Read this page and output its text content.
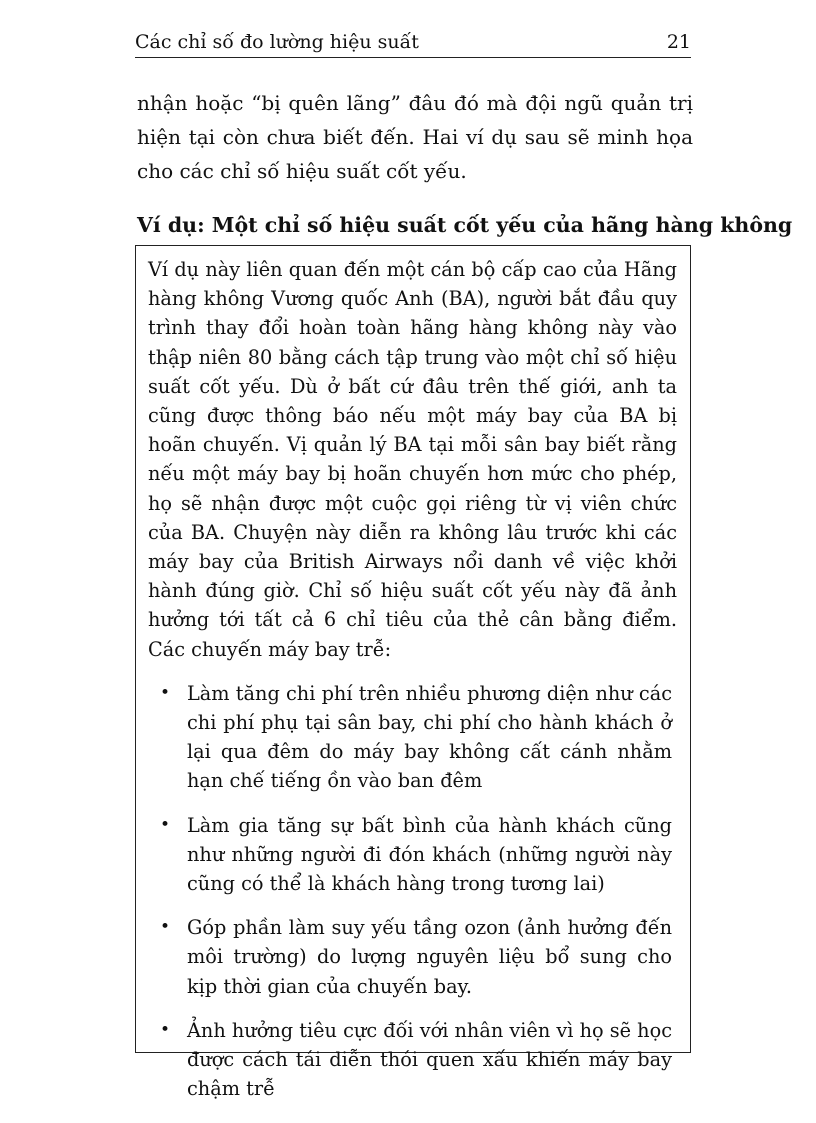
Các chỉ số đo lường hiệu suất	21

nhận hoặc “bị quên lãng” đâu đó mà đội ngũ quản trị hiện tại còn chưa biết đến. Hai ví dụ sau sẽ minh họa cho các chỉ số hiệu suất cốt yếu.

Ví dụ: Một chỉ số hiệu suất cốt yếu của hãng hàng không

Ví dụ này liên quan đến một cán bộ cấp cao của Hãng hàng không Vương quốc Anh (BA), người bắt đầu quy trình thay đổi hoàn toàn hãng hàng không này vào thập niên 80 bằng cách tập trung vào một chỉ số hiệu suất cốt yếu. Dù ở bất cứ đâu trên thế giới, anh ta cũng được thông báo nếu một máy bay của BA bị hoãn chuyến. Vị quản lý BA tại mỗi sân bay biết rằng nếu một máy bay bị hoãn chuyến hơn mức cho phép, họ sẽ nhận được một cuộc gọi riêng từ vị viên chức của BA. Chuyện này diễn ra không lâu trước khi các máy bay của British Airways nổi danh về việc khởi hành đúng giờ. Chỉ số hiệu suất cốt yếu này đã ảnh hưởng tới tất cả 6 chỉ tiêu của thẻ cân bằng điểm. Các chuyến máy bay trễ:

• Làm tăng chi phí trên nhiều phương diện như các chi phí phụ tại sân bay, chi phí cho hành khách ở lại qua đêm do máy bay không cất cánh nhằm hạn chế tiếng ồn vào ban đêm
• Làm gia tăng sự bất bình của hành khách cũng như những người đi đón khách (những người này cũng có thể là khách hàng trong tương lai)
• Góp phần làm suy yếu tầng ozon (ảnh hưởng đến môi trường) do lượng nguyên liệu bổ sung cho kịp thời gian của chuyến bay.
• Ảnh hưởng tiêu cực đối với nhân viên vì họ sẽ học được cách tái diễn thói quen xấu khiến máy bay chậm trễ
